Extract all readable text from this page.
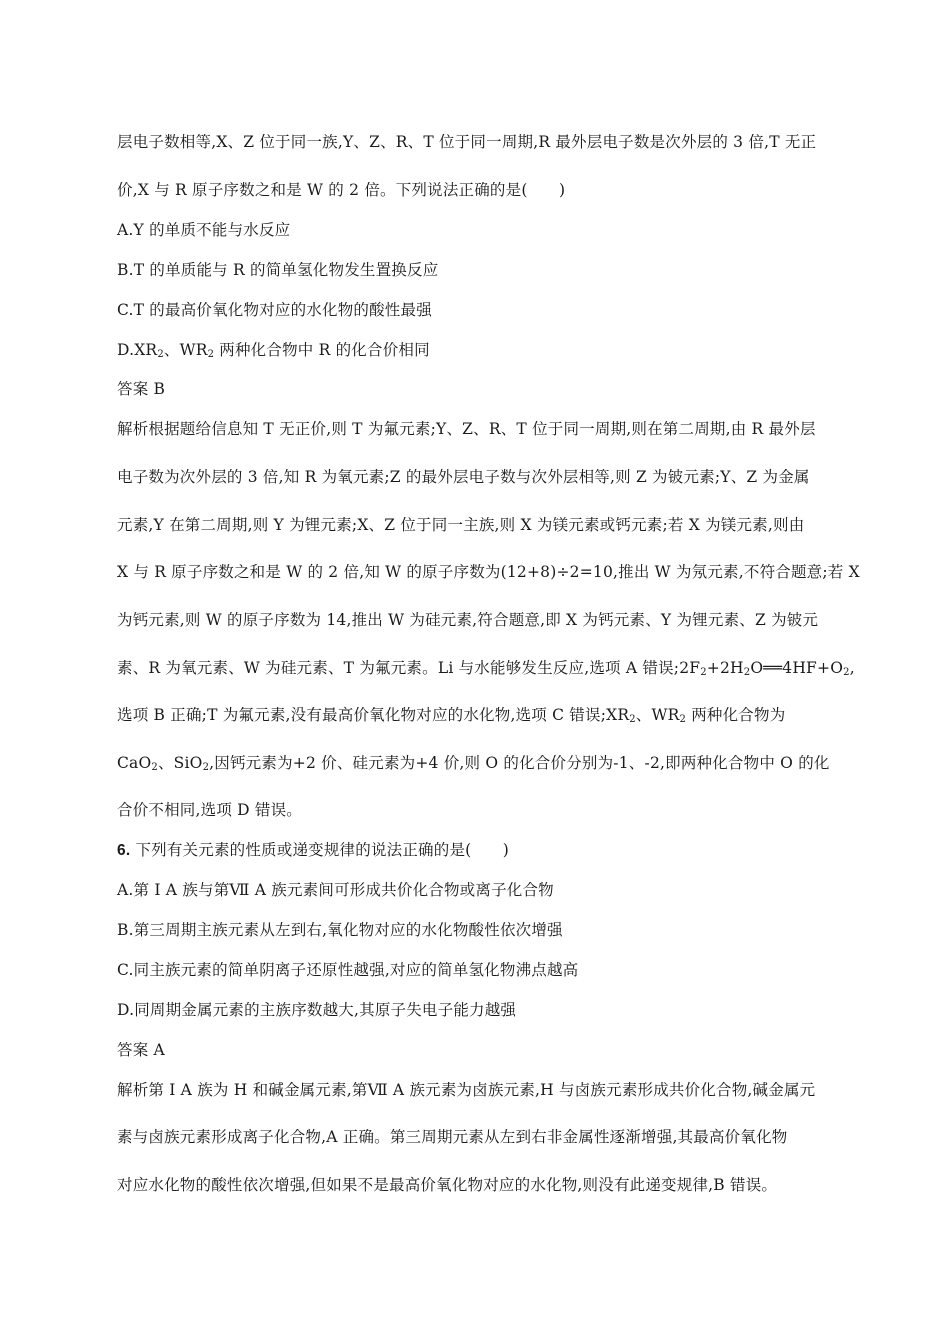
层电子数相等,X、Z 位于同一族,Y、Z、R、T 位于同一周期,R 最外层电子数是次外层的 3 倍,T 无正
价,X 与 R 原子序数之和是 W 的 2 倍。下列说法正确的是(　　)
A.Y 的单质不能与水反应
B.T 的单质能与 R 的简单氢化物发生置换反应
C.T 的最高价氧化物对应的水化物的酸性最强
$D.XR_2$、$WR_2$ 两种化合物中 R 的化合价相同
答案 B
解析根据题给信息知 T 无正价,则 T 为氟元素;Y、Z、R、T 位于同一周期,则在第二周期,由 R 最外层
电子数为次外层的 3 倍,知 R 为氧元素;Z 的最外层电子数与次外层相等,则 Z 为铍元素;Y、Z 为金属
元素,Y 在第二周期,则 Y 为锂元素;X、Z 位于同一主族,则 X 为镁元素或钙元素;若 X 为镁元素,则由
X 与 R 原子序数之和是 W 的 2 倍,知 W 的原子序数为(12+8)÷2=10,推出 W 为氖元素,不符合题意;若 X
为钙元素,则 W 的原子序数为 14,推出 W 为硅元素,符合题意,即 X 为钙元素、Y 为锂元素、Z 为铍元
素、R 为氧元素、W 为硅元素、T 为氟元素。Li 与水能够发生反应,选项 A 错误$;2F_2+2H_2O══4HF+O_2$,
选项 B 正确;T 为氟元素,没有最高价氧化物对应的水化物,选项 C 错误$;XR_2$、$WR_2$ 两种化合物为
CaO$_2$、SiO$_2$,因钙元素为+2 价、硅元素为+4 价,则 O 的化合价分别为-1、-2,即两种化合物中 O 的化
合价不相同,选项 D 错误。
6. 下列有关元素的性质或递变规律的说法正确的是(　　)
A.第 Ⅰ A 族与第Ⅶ A 族元素间可形成共价化合物或离子化合物
B.第三周期主族元素从左到右,氧化物对应的水化物酸性依次增强
C.同主族元素的简单阴离子还原性越强,对应的简单氢化物沸点越高
D.同周期金属元素的主族序数越大,其原子失电子能力越强
答案 A
解析第 Ⅰ A 族为 H 和碱金属元素,第Ⅶ A 族元素为卤族元素,H 与卤族元素形成共价化合物,碱金属元
素与卤族元素形成离子化合物,A 正确。第三周期元素从左到右非金属性逐渐增强,其最高价氧化物
对应水化物的酸性依次增强,但如果不是最高价氧化物对应的水化物,则没有此递变规律,B 错误。
